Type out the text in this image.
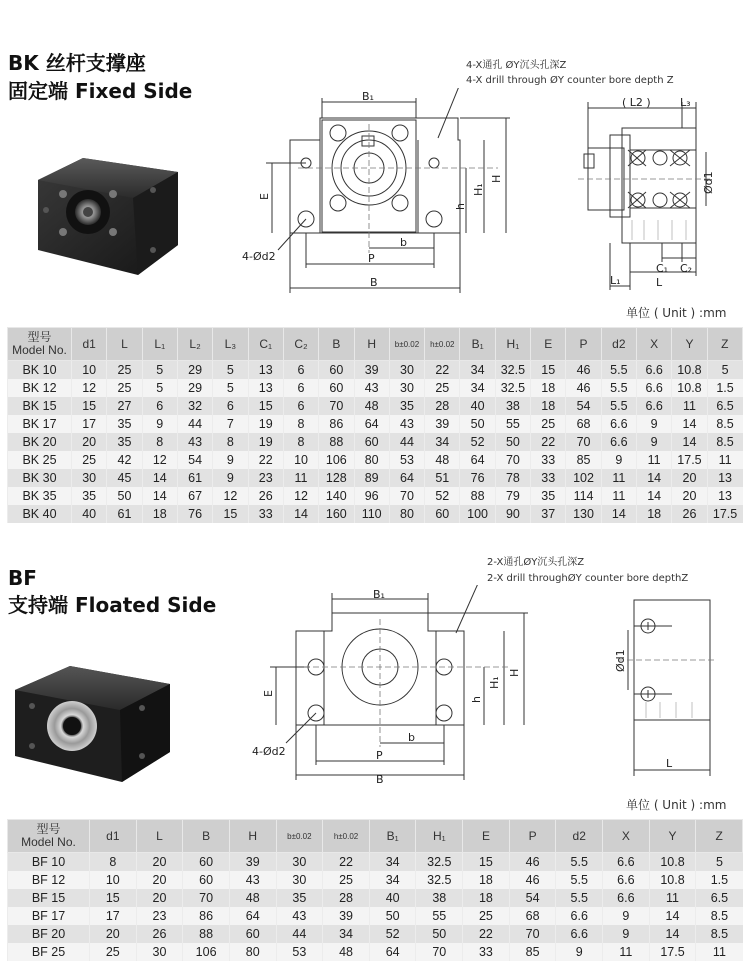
BK 丝杆支撑座
固定端 Fixed Side
4-X通孔 ØY沉头孔深Z
4-X drill through ØY counter bore depth Z
B₁
H
H₁
h
E
b
P
B
4-Ød2
( L2 )	L₃
Ød1
C₁ C₂
L
L₁
单位 ( Unit ) :mm
型号
Model No.	d1	L	L₁	L₂	L₃	C₁	C₂	B	H	b±0.02	h±0.02	B₁	H₁	E	P	d2	X	Y	Z
BK 10	10	25	5	29	5	13	6	60	39	30	22	34	32.5	15	46	5.5	6.6	10.8	5
BK 12	12	25	5	29	5	13	6	60	43	30	25	34	32.5	18	46	5.5	6.6	10.8	1.5
BK 15	15	27	6	32	6	15	6	70	48	35	28	40	38	18	54	5.5	6.6	11	6.5
BK 17	17	35	9	44	7	19	8	86	64	43	39	50	55	25	68	6.6	9	14	8.5
BK 20	20	35	8	43	8	19	8	88	60	44	34	52	50	22	70	6.6	9	14	8.5
BK 25	25	42	12	54	9	22	10	106	80	53	48	64	70	33	85	9	11	17.5	11
BK 30	30	45	14	61	9	23	11	128	89	64	51	76	78	33	102	11	14	20	13
BK 35	35	50	14	67	12	26	12	140	96	70	52	88	79	35	114	11	14	20	13
BK 40	40	61	18	76	15	33	14	160	110	80	60	100	90	37	130	14	18	26	17.5
BF
支持端 Floated Side
2-X通孔ØY沉头孔深Z
2-X drill throughØY counter bore depthZ
B₁
H
H₁
h
E
b
P
B
4-Ød2
Ød1
L
单位 ( Unit ) :mm
型号
Model No.	d1	L	B	H	b±0.02	h±0.02	B₁	H₁	E	P	d2	X	Y	Z
BF 10	8	20	60	39	30	22	34	32.5	15	46	5.5	6.6	10.8	5
BF 12	10	20	60	43	30	25	34	32.5	18	46	5.5	6.6	10.8	1.5
BF 15	15	20	70	48	35	28	40	38	18	54	5.5	6.6	11	6.5
BF 17	17	23	86	64	43	39	50	55	25	68	6.6	9	14	8.5
BF 20	20	26	88	60	44	34	52	50	22	70	6.6	9	14	8.5
BF 25	25	30	106	80	53	48	64	70	33	85	9	11	17.5	11
